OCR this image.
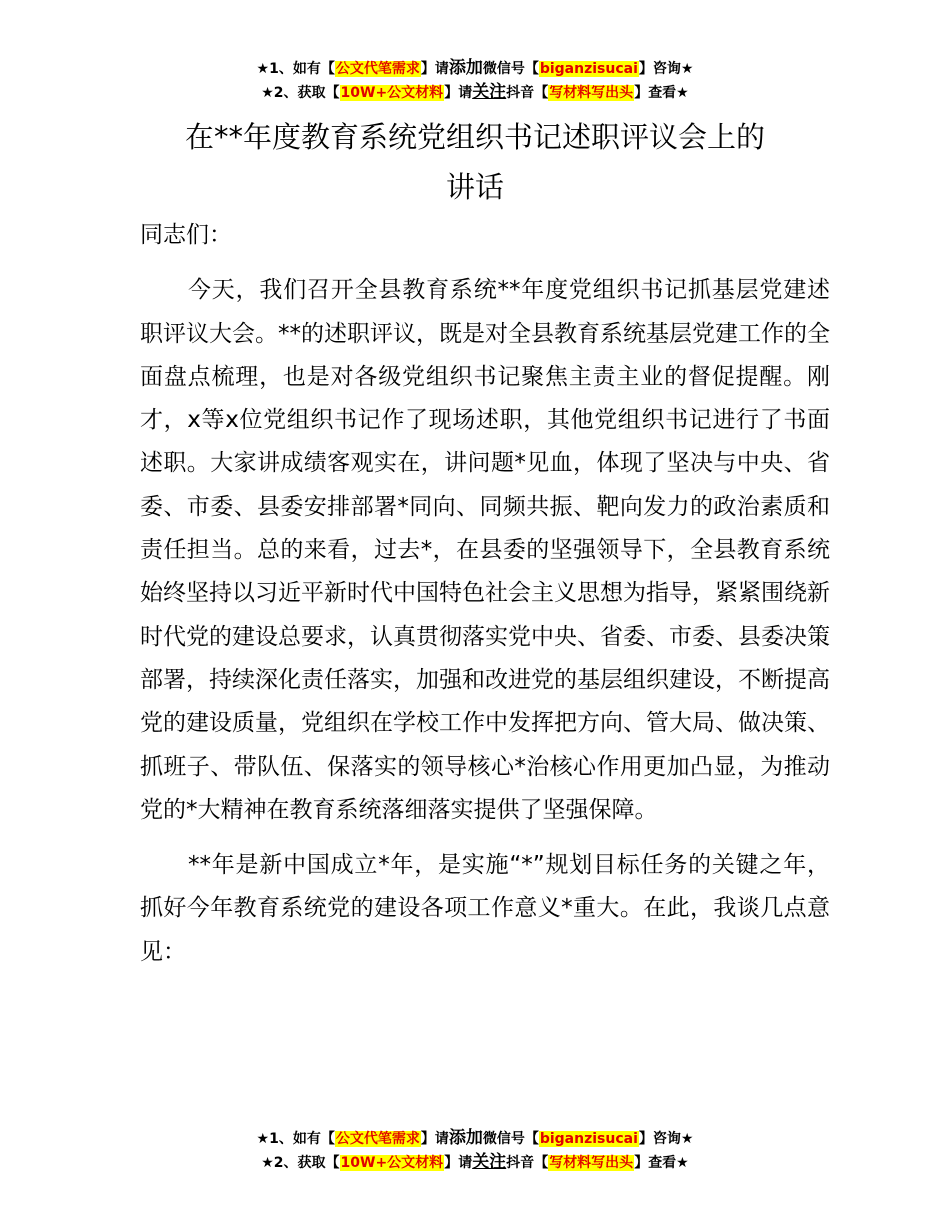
★1、如有【公文代笔需求】请添加微信号【biganzisucai】咨询★
★2、获取【10W+公文材料】请关注抖音【写材料写出头】查看★
在**年度教育系统党组织书记述职评议会上的
讲话
同志们：
今天，我们召开全县教育系统**年度党组织书记抓基层党建述职评议大会。**的述职评议，既是对全县教育系统基层党建工作的全面盘点梳理，也是对各级党组织书记聚焦主责主业的督促提醒。刚才，x等x位党组织书记作了现场述职，其他党组织书记进行了书面述职。大家讲成绩客观实在，讲问题*见血，体现了坚决与中央、省委、市委、县委安排部署*同向、同频共振、靶向发力的政治素质和责任担当。总的来看，过去*，在县委的坚强领导下，全县教育系统始终坚持以习近平新时代中国特色社会主义思想为指导，紧紧围绕新时代党的建设总要求，认真贯彻落实党中央、省委、市委、县委决策部署，持续深化责任落实，加强和改进党的基层组织建设，不断提高党的建设质量，党组织在学校工作中发挥把方向、管大局、做决策、抓班子、带队伍、保落实的领导核心*治核心作用更加凸显，为推动党的*大精神在教育系统落细落实提供了坚强保障。
**年是新中国成立*年，是实施“*”规划目标任务的关键之年，抓好今年教育系统党的建设各项工作意义*重大。在此，我谈几点意见：
★1、如有【公文代笔需求】请添加微信号【biganzisucai】咨询★
★2、获取【10W+公文材料】请关注抖音【写材料写出头】查看★
